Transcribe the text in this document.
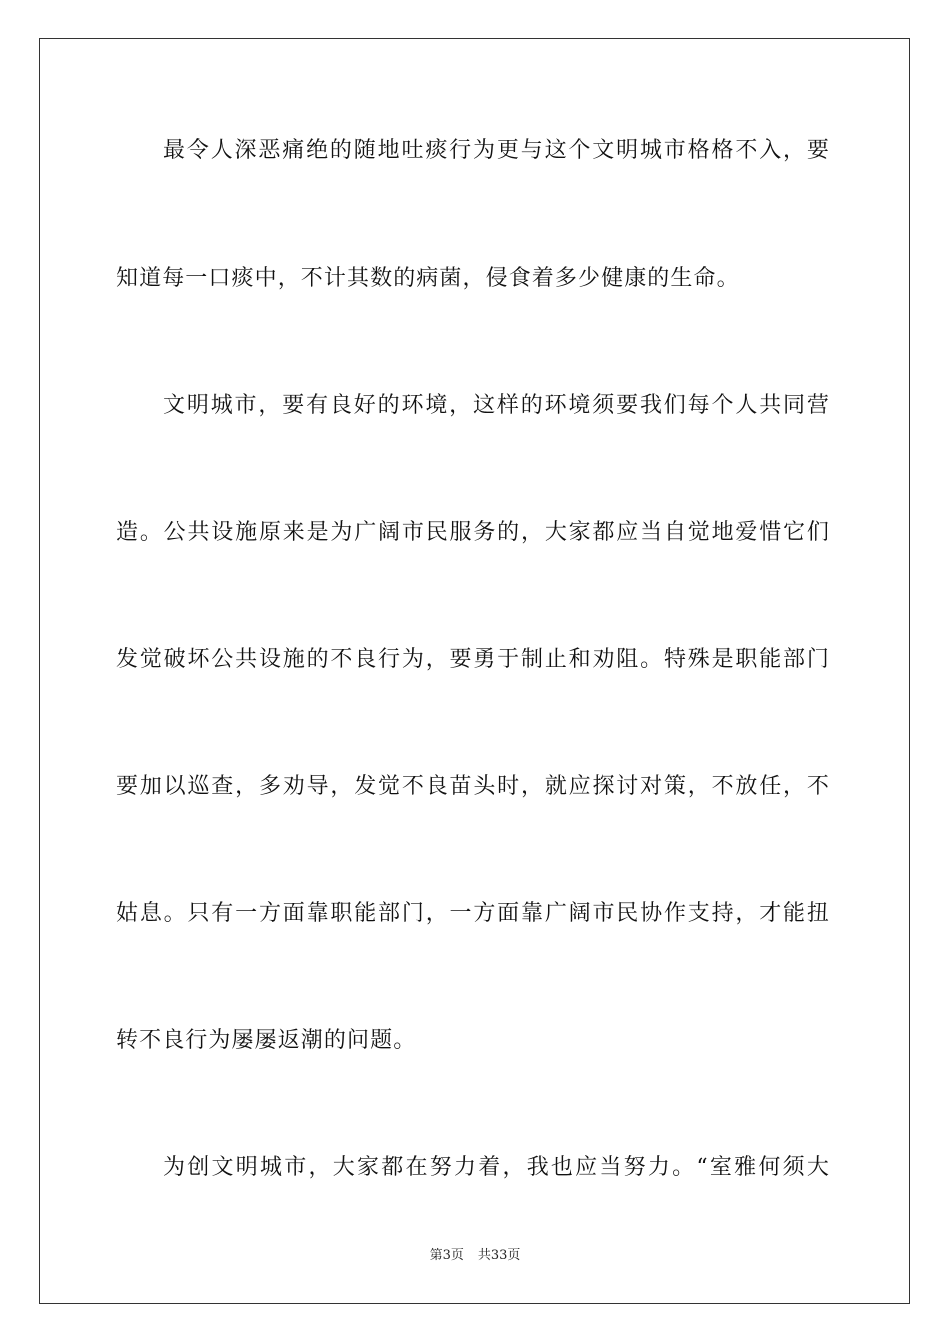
最令人深恶痛绝的随地吐痰行为更与这个文明城市格格不入，要
知道每一口痰中，不计其数的病菌，侵食着多少健康的生命。
文明城市，要有良好的环境，这样的环境须要我们每个人共同营
造。公共设施原来是为广阔市民服务的，大家都应当自觉地爱惜它们
发觉破坏公共设施的不良行为，要勇于制止和劝阻。特殊是职能部门
要加以巡查，多劝导，发觉不良苗头时，就应探讨对策，不放任，不
姑息。只有一方面靠职能部门，一方面靠广阔市民协作支持，才能扭
转不良行为屡屡返潮的问题。
为创文明城市，大家都在努力着，我也应当努力。“室雅何须大
第3页 共33页
